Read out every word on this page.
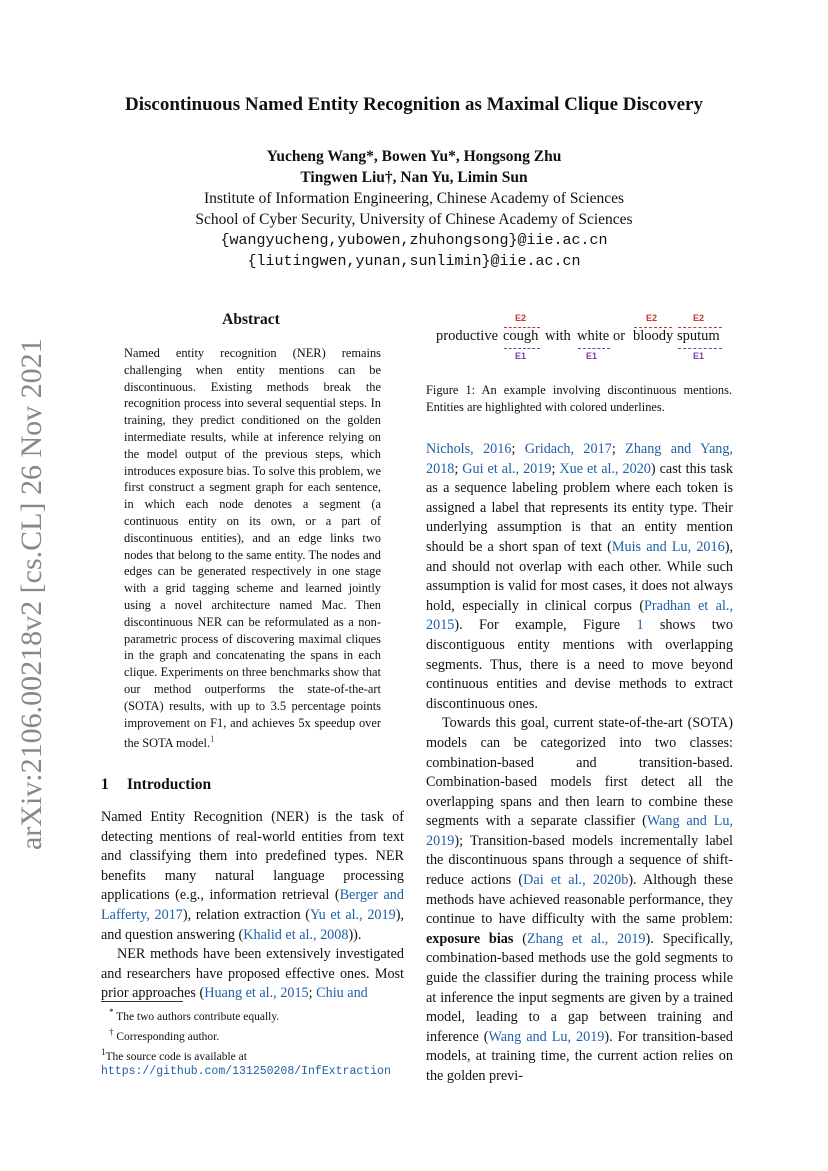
arXiv:2106.00218v2 [cs.CL] 26 Nov 2021
Discontinuous Named Entity Recognition as Maximal Clique Discovery
Yucheng Wang*, Bowen Yu*, Hongsong Zhu
Tingwen Liu†, Nan Yu, Limin Sun
Institute of Information Engineering, Chinese Academy of Sciences
School of Cyber Security, University of Chinese Academy of Sciences
{wangyucheng,yubowen,zhuhongsong}@iie.ac.cn
{liutingwen,yunan,sunlimin}@iie.ac.cn
Abstract
Named entity recognition (NER) remains challenging when entity mentions can be discontinuous. Existing methods break the recognition process into several sequential steps. In training, they predict conditioned on the golden intermediate results, while at inference relying on the model output of the previous steps, which introduces exposure bias. To solve this problem, we first construct a segment graph for each sentence, in which each node denotes a segment (a continuous entity on its own, or a part of discontinuous entities), and an edge links two nodes that belong to the same entity. The nodes and edges can be generated respectively in one stage with a grid tagging scheme and learned jointly using a novel architecture named Mac. Then discontinuous NER can be reformulated as a non-parametric process of discovering maximal cliques in the graph and concatenating the spans in each clique. Experiments on three benchmarks show that our method outperforms the state-of-the-art (SOTA) results, with up to 3.5 percentage points improvement on F1, and achieves 5x speedup over the SOTA model.$^1$
1 Introduction

Named Entity Recognition (NER) is the task of detecting mentions of real-world entities from text and classifying them into predefined types. NER benefits many natural language processing applications (e.g., information retrieval (Berger and Lafferty, 2017), relation extraction (Yu et al., 2019), and question answering (Khalid et al., 2008)).

NER methods have been extensively investigated and researchers have proposed effective ones. Most prior approaches (Huang et al., 2015; Chiu and

* The two authors contribute equally.

† Corresponding author.

$^1$The source code is available at https://github.com/131250208/InfExtraction

productive cough with white or bloody sputum
E2	E2	E2
E1	E1	E1
Figure 1: An example involving discontinuous mentions. Entities are highlighted with colored underlines.

Nichols, 2016; Gridach, 2017; Zhang and Yang, 2018; Gui et al., 2019; Xue et al., 2020) cast this task as a sequence labeling problem where each token is assigned a label that represents its entity type. Their underlying assumption is that an entity mention should be a short span of text (Muis and Lu, 2016), and should not overlap with each other. While such assumption is valid for most cases, it does not always hold, especially in clinical corpus (Pradhan et al., 2015). For example, Figure 1 shows two discontiguous entity mentions with overlapping segments. Thus, there is a need to move beyond continuous entities and devise methods to extract discontinuous ones.

Towards this goal, current state-of-the-art (SOTA) models can be categorized into two classes: combination-based and transition-based. Combination-based models first detect all the overlapping spans and then learn to combine these segments with a separate classifier (Wang and Lu, 2019); Transition-based models incrementally label the discontinuous spans through a sequence of shift-reduce actions (Dai et al., 2020b). Although these methods have achieved reasonable performance, they continue to have difficulty with the same problem: exposure bias (Zhang et al., 2019). Specifically, combination-based methods use the gold segments to guide the classifier during the training process while at inference the input segments are given by a trained model, leading to a gap between training and inference (Wang and Lu, 2019). For transition-based models, at training time, the current action relies on the golden previ-
